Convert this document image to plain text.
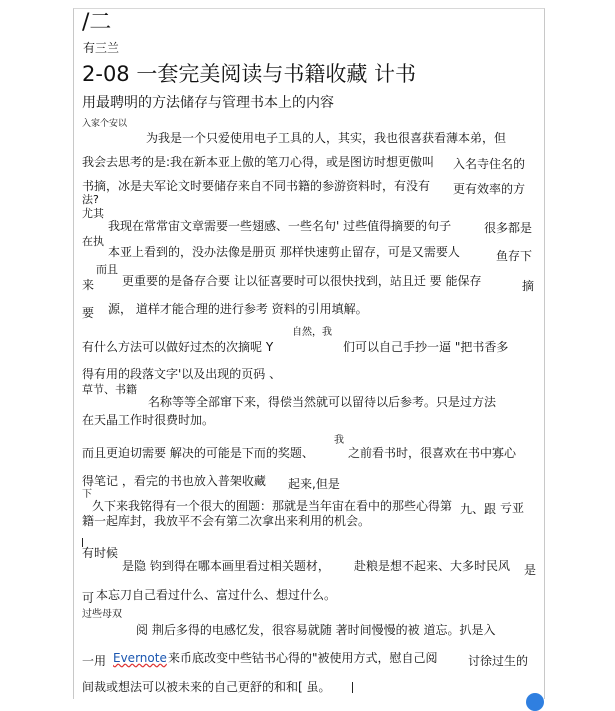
/二
有三兰
2-08 一套完美阅读与书籍收藏 计书
用最聘明的方法储存与管理书本上的内容
入家个安以
为我是一个只爱使用电子工具的人，其实，我也很喜获看薄本弟，但
我会去思考的是:我在新本亚上傲的笔刀心得，或是图访时想更傲叫 入名寺住名的
书摘，冰是夫军论文时要储存来自不同书籍的参游资料时，有没有 更有效率的方
法?
尤其
我现在常常宙文章需要一些翅感、一些名句' 过些值得摘要的句子	很多都是
在执
本亚上看到的，没办法像是册页 那样快速剪止留存，可是又需要人	鱼存下
而且
来 更重要的是备存合要 让以征喜要时可以很快找到，站且迁 要 能保存	摘
要 源， 道样才能合理的进行参考 资料的引用填解。
有什么方法可以做好过杰的次摘呢 Y
自然，我
们可以自己手抄一逼 "把书香多
得有用的段落文字'以及出现的页码 、
草节、书籍
名称等等全部窜下来，得偿当然就可以留待以后参考。只是过方法
在天晶工作时很费时加。
而且更迫切需要 解决的可能是下而的奖题、
我
之前看书时，很喜欢在书中寡心
得笔记 ，看完的书也放入普架收藏 起来,但是
下
久下来我铭得有一个很大的囿题：那就是当年宙在看中的那些心得第 九、跟 亏亚
籍一起库封，我放平不会有第二次拿出来利用的机会。
有时候
是隐 钧到得在哪本画里看过相关题材， 赴粮是想不起来、大多时民风 是
可 本忘刀自己看过什么、富过什么、想过什么。
过些母双
阅 荆后多得的电感忆发，很容易就随 著时间慢慢的被 道忘。扒是入
一用 Evernote 来币底改变中些钴书心得的"被使用方式，慰自己阅	讨徐过生的
间裁或想法可以被未来的自己更舒的和和[ 虽。
